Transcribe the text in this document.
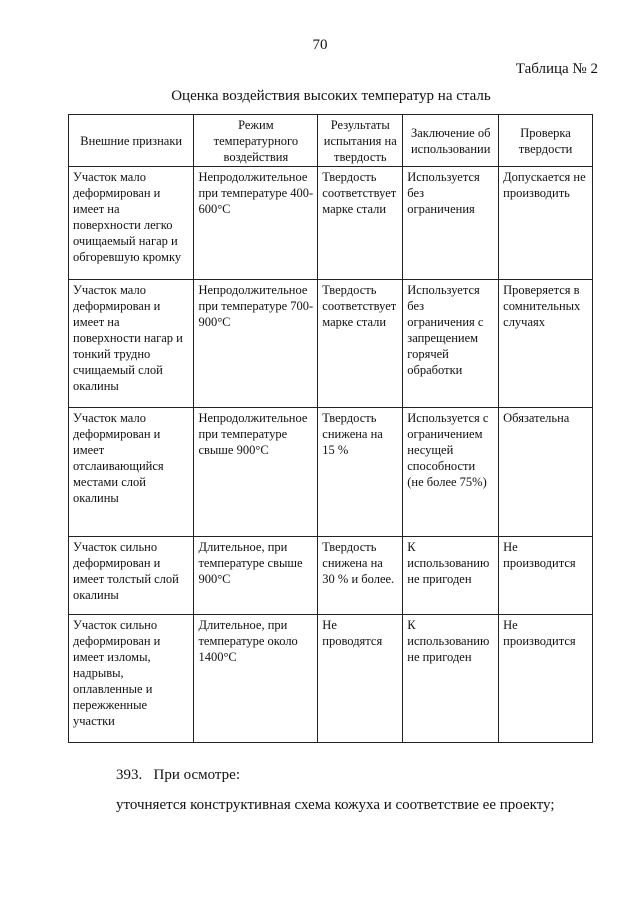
70
Таблица № 2
Оценка воздействия высоких температур на сталь
Внешние признаки	Режим температурного воздействия	Результаты испытания на твердость	Заключение об использовании	Проверка твердости
Участок мало деформирован и имеет на поверхности легко очищаемый нагар и обгоревшую кромку	Непродолжительное при температуре 400-600°С	Твердость соответствует марке стали	Используется без ограничения	Допускается не производить
Участок мало деформирован и имеет на поверхности нагар и тонкий трудно счищаемый слой окалины	Непродолжительное при температуре 700-900°С	Твердость соответствует марке стали	Используется без ограничения с запрещением горячей обработки	Проверяется в сомнительных случаях
Участок мало деформирован и имеет отслаивающийся местами слой окалины	Непродолжительное при температуре свыше 900°С	Твердость снижена на 15 %	Используется с ограничением несущей способности (не более 75%)	Обязательна
Участок сильно деформирован и имеет толстый слой окалины	Длительное, при температуре свыше 900°С	Твердость снижена на 30 % и более.	К использованию не пригоден	Не производится
Участок сильно деформирован и имеет изломы, надрывы, оплавленные и пережженные участки	Длительное, при температуре около 1400°С	Не проводятся	К использованию не пригоден	Не производится
393. При осмотре:
уточняется конструктивная схема кожуха и соответствие ее проекту;
